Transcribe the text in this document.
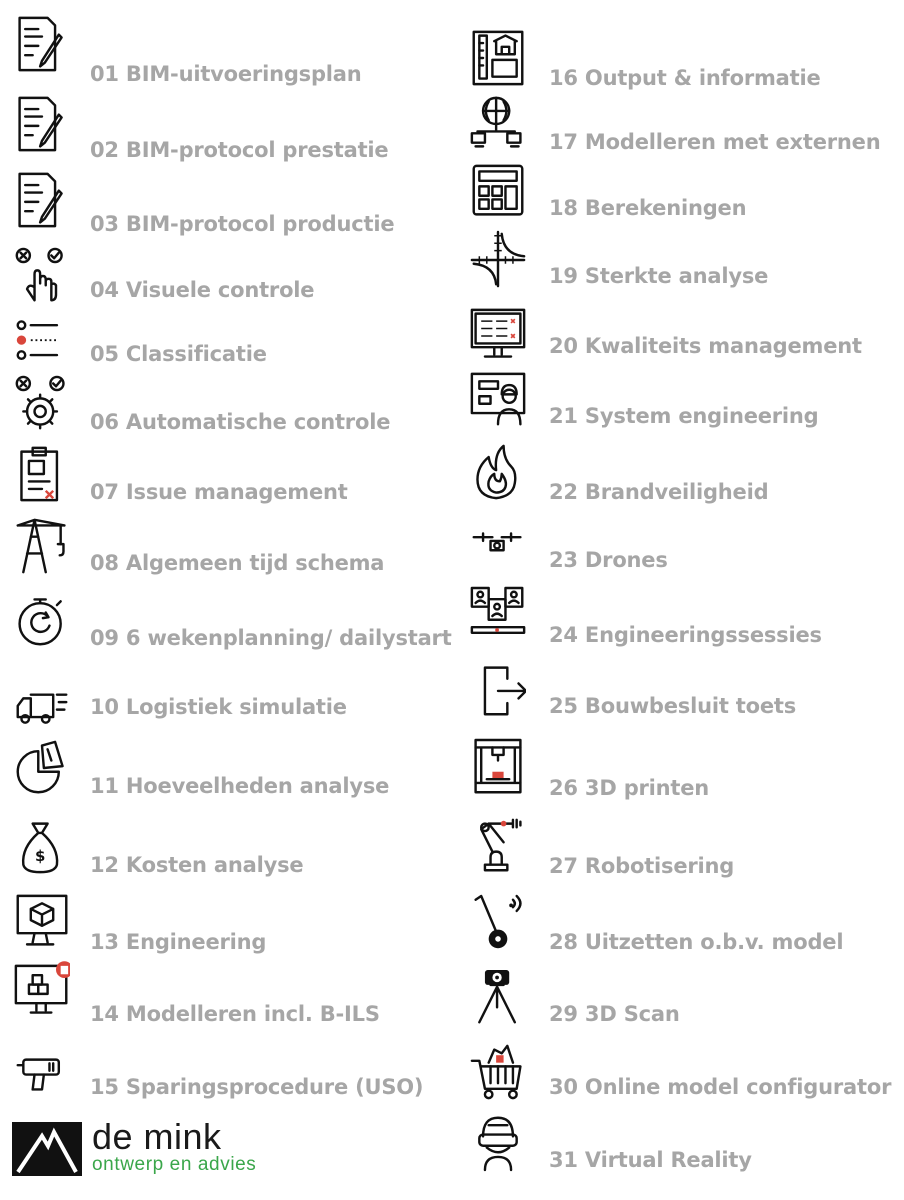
01 BIM-uitvoeringsplan
02 BIM-protocol prestatie
03 BIM-protocol productie
04 Visuele controle
05 Classificatie
06 Automatische controle
07 Issue management
08 Algemeen tijd schema
09 6 wekenplanning/ dailystart
10 Logistiek simulatie
11 Hoeveelheden analyse
$ 12 Kosten analyse
13 Engineering
14 Modelleren incl. B-ILS
15 Sparingsprocedure (USO)
16 Output & informatie
17 Modelleren met externen
18 Berekeningen
19 Sterkte analyse
20 Kwaliteits management
21 System engineering
22 Brandveiligheid
23 Drones
24 Engineeringssessies
25 Bouwbesluit toets
26 3D printen
27 Robotisering
28 Uitzetten o.b.v. model
29 3D Scan
30 Online model configurator
31 Virtual Reality
de mink
ontwerp en advies
